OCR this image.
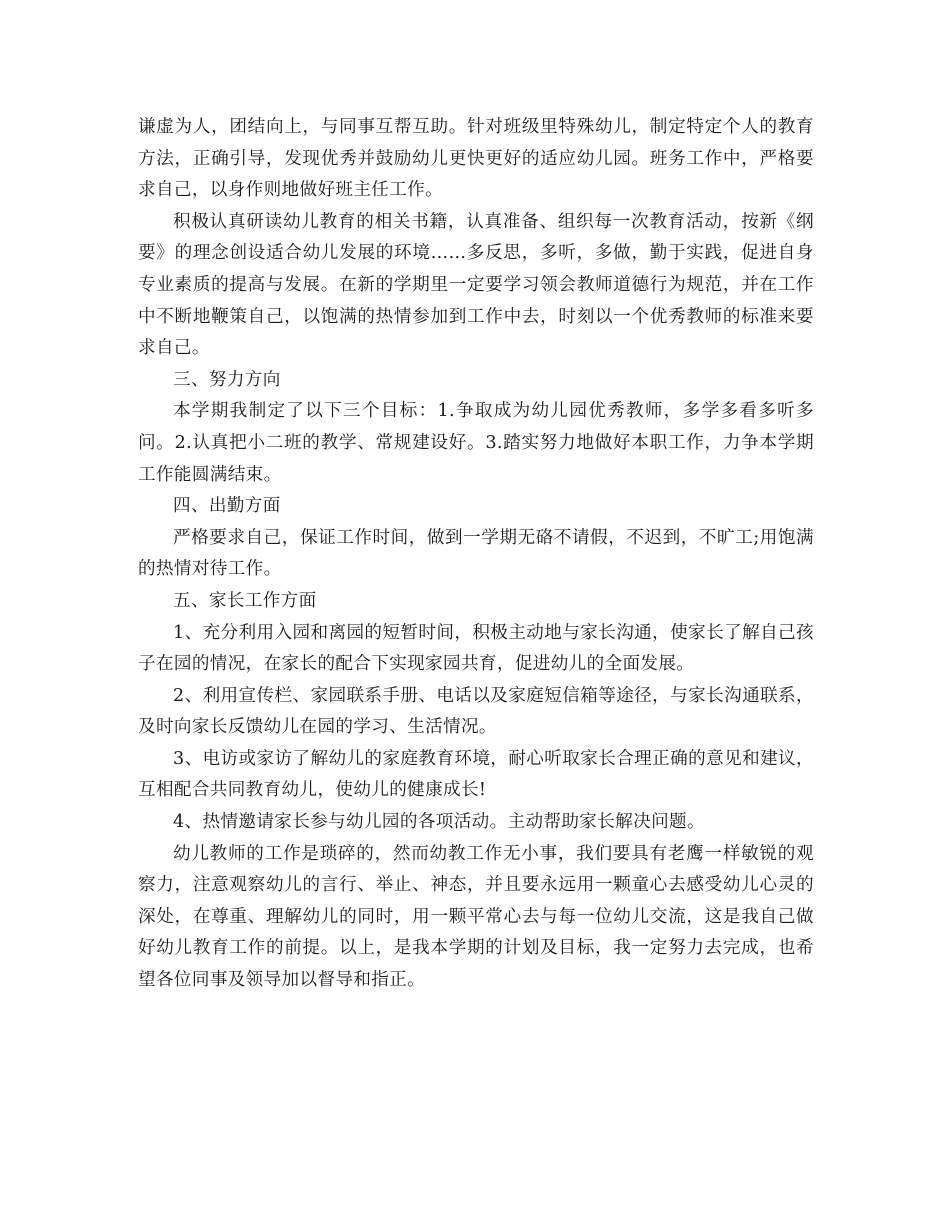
谦虚为人，团结向上，与同事互帮互助。针对班级里特殊幼儿，制定特定个人的教育方法，正确引导，发现优秀并鼓励幼儿更快更好的适应幼儿园。班务工作中，严格要求自己，以身作则地做好班主任工作。

积极认真研读幼儿教育的相关书籍，认真准备、组织每一次教育活动，按新《纲要》的理念创设适合幼儿发展的环境……多反思，多听，多做，勤于实践，促进自身专业素质的提高与发展。在新的学期里一定要学习领会教师道德行为规范，并在工作中不断地鞭策自己，以饱满的热情参加到工作中去，时刻以一个优秀教师的标准来要求自己。

三、努力方向

本学期我制定了以下三个目标：1.争取成为幼儿园优秀教师，多学多看多听多问。2.认真把小二班的教学、常规建设好。3.踏实努力地做好本职工作，力争本学期工作能圆满结束。

四、出勤方面

严格要求自己，保证工作时间，做到一学期无硌不请假，不迟到，不旷工;用饱满的热情对待工作。

五、家长工作方面

1、充分利用入园和离园的短暂时间，积极主动地与家长沟通，使家长了解自己孩子在园的情况，在家长的配合下实现家园共育，促进幼儿的全面发展。

2、利用宣传栏、家园联系手册、电话以及家庭短信箱等途径，与家长沟通联系，及时向家长反馈幼儿在园的学习、生活情况。

3、电访或家访了解幼儿的家庭教育环境，耐心听取家长合理正确的意见和建议，互相配合共同教育幼儿，使幼儿的健康成长!

4、热情邀请家长参与幼儿园的各项活动。主动帮助家长解决问题。

幼儿教师的工作是琐碎的，然而幼教工作无小事，我们要具有老鹰一样敏锐的观察力，注意观察幼儿的言行、举止、神态，并且要永远用一颗童心去感受幼儿心灵的深处，在尊重、理解幼儿的同时，用一颗平常心去与每一位幼儿交流，这是我自己做好幼儿教育工作的前提。以上，是我本学期的计划及目标，我一定努力去完成，也希望各位同事及领导加以督导和指正。
